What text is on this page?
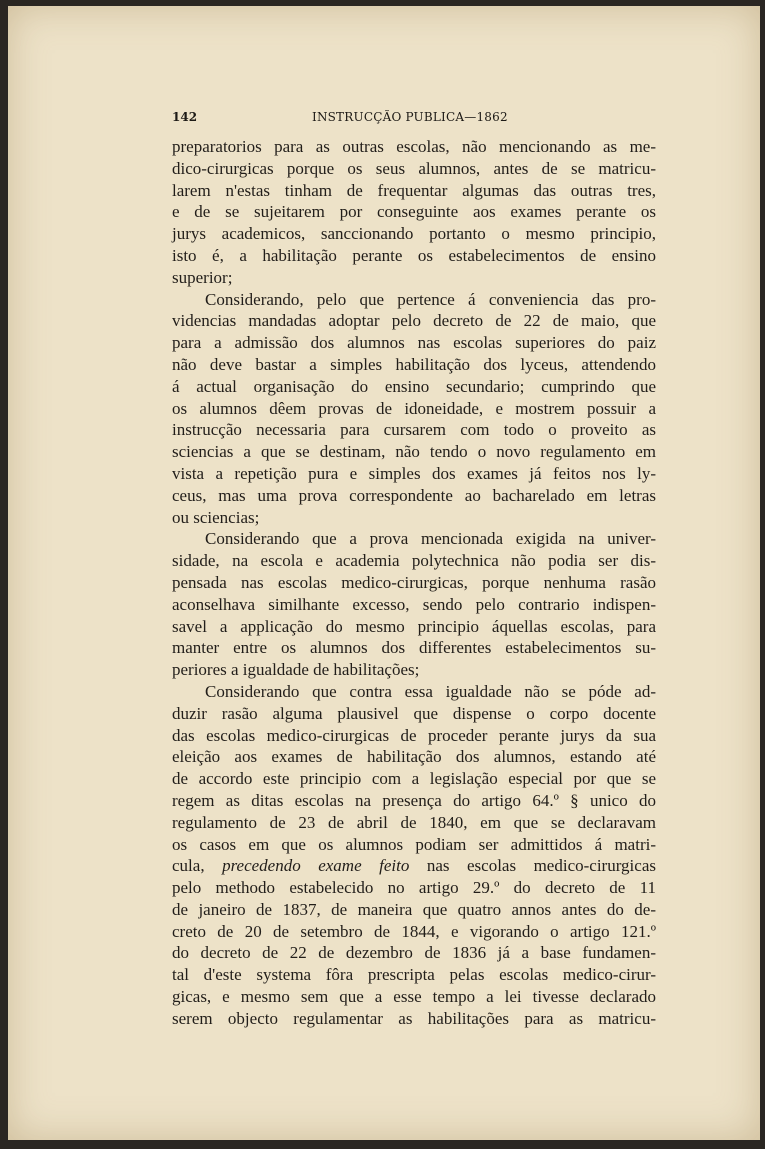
142	INSTRUCÇÃO PUBLICA—1862
preparatorios para as outras escolas, não mencionando as me-
dico-cirurgicas porque os seus alumnos, antes de se matricu-
larem n'estas tinham de frequentar algumas das outras tres,
e de se sujeitarem por conseguinte aos exames perante os
jurys academicos, sanccionando portanto o mesmo principio,
isto é, a habilitação perante os estabelecimentos de ensino
superior;
Considerando, pelo que pertence á conveniencia das pro-
videncias mandadas adoptar pelo decreto de 22 de maio, que
para a admissão dos alumnos nas escolas superiores do paiz
não deve bastar a simples habilitação dos lyceus, attendendo
á actual organisação do ensino secundario; cumprindo que
os alumnos dêem provas de idoneidade, e mostrem possuir a
instrucção necessaria para cursarem com todo o proveito as
sciencias a que se destinam, não tendo o novo regulamento em
vista a repetição pura e simples dos exames já feitos nos ly-
ceus, mas uma prova correspondente ao bacharelado em letras
ou sciencias;
Considerando que a prova mencionada exigida na univer-
sidade, na escola e academia polytechnica não podia ser dis-
pensada nas escolas medico-cirurgicas, porque nenhuma rasão
aconselhava similhante excesso, sendo pelo contrario indispen-
savel a applicação do mesmo principio áquellas escolas, para
manter entre os alumnos dos differentes estabelecimentos su-
periores a igualdade de habilitações;
Considerando que contra essa igualdade não se póde ad-
duzir rasão alguma plausivel que dispense o corpo docente
das escolas medico-cirurgicas de proceder perante jurys da sua
eleição aos exames de habilitação dos alumnos, estando até
de accordo este principio com a legislação especial por que se
regem as ditas escolas na presença do artigo 64.º § unico do
regulamento de 23 de abril de 1840, em que se declaravam
os casos em que os alumnos podiam ser admittidos á matri-
cula, precedendo exame feito nas escolas medico-cirurgicas
pelo methodo estabelecido no artigo 29.º do decreto de 11
de janeiro de 1837, de maneira que quatro annos antes do de-
creto de 20 de setembro de 1844, e vigorando o artigo 121.º
do decreto de 22 de dezembro de 1836 já a base fundamen-
tal d'este systema fôra prescripta pelas escolas medico-cirur-
gicas, e mesmo sem que a esse tempo a lei tivesse declarado
serem objecto regulamentar as habilitações para as matricu-
